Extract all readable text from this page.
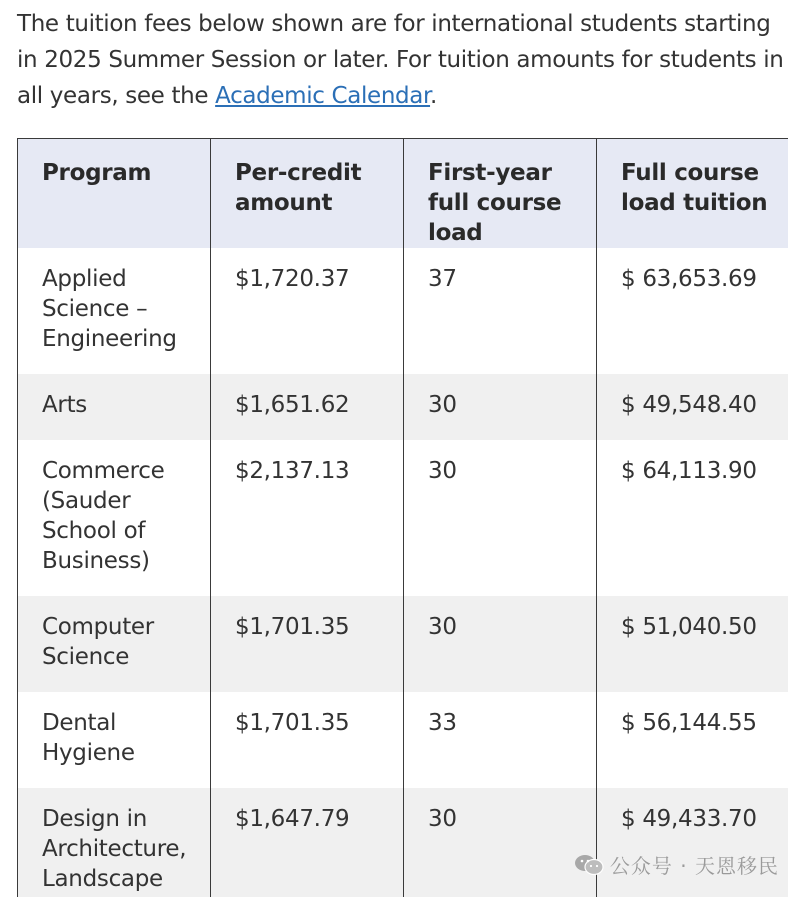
The tuition fees below shown are for international students starting in 2025 Summer Session or later. For tuition amounts for students in all years, see the Academic Calendar.

Program	Per-credit amount	First-year full course load	Full course load tuition
Applied Science – Engineering	$1,720.37	37	$ 63,653.69
Arts	$1,651.62	30	$ 49,548.40
Commerce (Sauder School of Business)	$2,137.13	30	$ 64,113.90
Computer Science	$1,701.35	30	$ 51,040.50
Dental Hygiene	$1,701.35	33	$ 56,144.55
Design in Architecture, Landscape	$1,647.79	30	$ 49,433.70
公众号 · 天恩移民
